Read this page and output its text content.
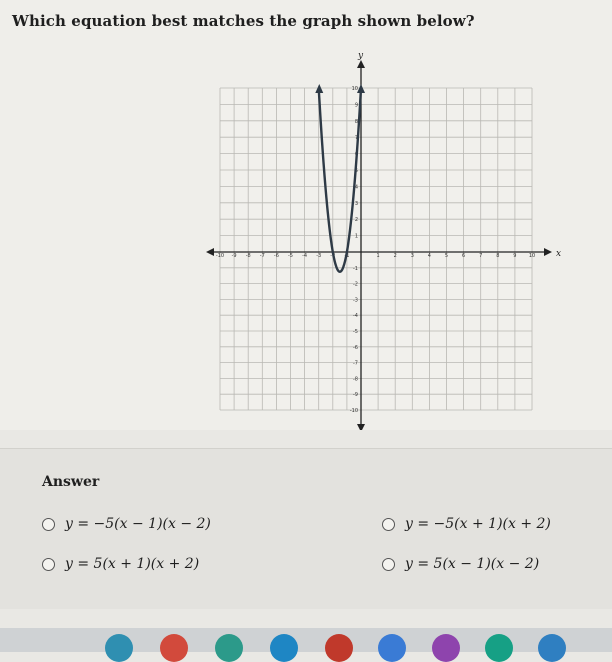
Which equation best matches the graph shown below?
x
y
-10 -9 -8 -7 -6 -5 -4 -3 -2 -1	1	2	3	4	5	6	7	8	9 10
10
9
8
7
6
5
4
3
2
1
-1
-2
-3
-4
-5
-6
-7
-8
-9
-10
Answer
y = −5(x − 1)(x − 2)	y = −5(x + 1)(x + 2)
y = 5(x + 1)(x + 2)	y = 5(x − 1)(x − 2)
